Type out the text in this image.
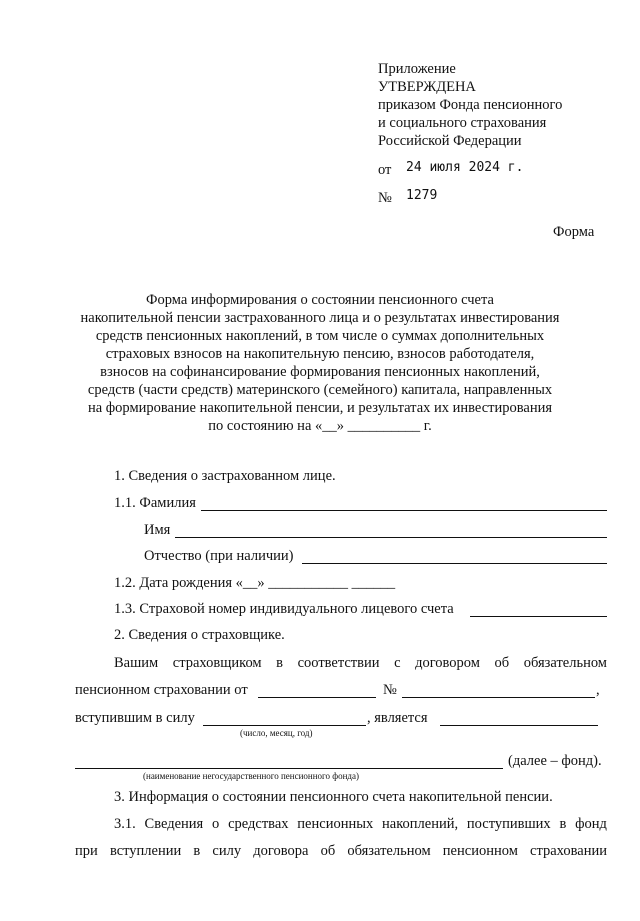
Приложение
УТВЕРЖДЕНА
приказом Фонда пенсионного
и социального страхования
Российской Федерации
от 24 июля 2024 г.
№ 1279
Форма
Форма информирования о состоянии пенсионного счета
накопительной пенсии застрахованного лица и о результатах инвестирования
средств пенсионных накоплений, в том числе о суммах дополнительных
страховых взносов на накопительную пенсию, взносов работодателя,
взносов на софинансирование формирования пенсионных накоплений,
средств (части средств) материнского (семейного) капитала, направленных
на формирование накопительной пенсии, и результатах их инвестирования
по состоянию на «__» __________ г.
1. Сведения о застрахованном лице.
1.1. Фамилия
Имя
Отчество (при наличии)
1.2. Дата рождения «__» ___________ ______
1.3. Страховой номер индивидуального лицевого счета
2. Сведения о страховщике.
Вашим страховщиком в соответствии с договором об обязательном
пенсионном страховании от	№	,
вступившим в силу	, является
(число, месяц, год)
(далее – фонд).
(наименование негосударственного пенсионного фонда)
3. Информация о состоянии пенсионного счета накопительной пенсии.
3.1. Сведения о средствах пенсионных накоплений, поступивших в фонд
при вступлении в силу договора об обязательном пенсионном страховании
